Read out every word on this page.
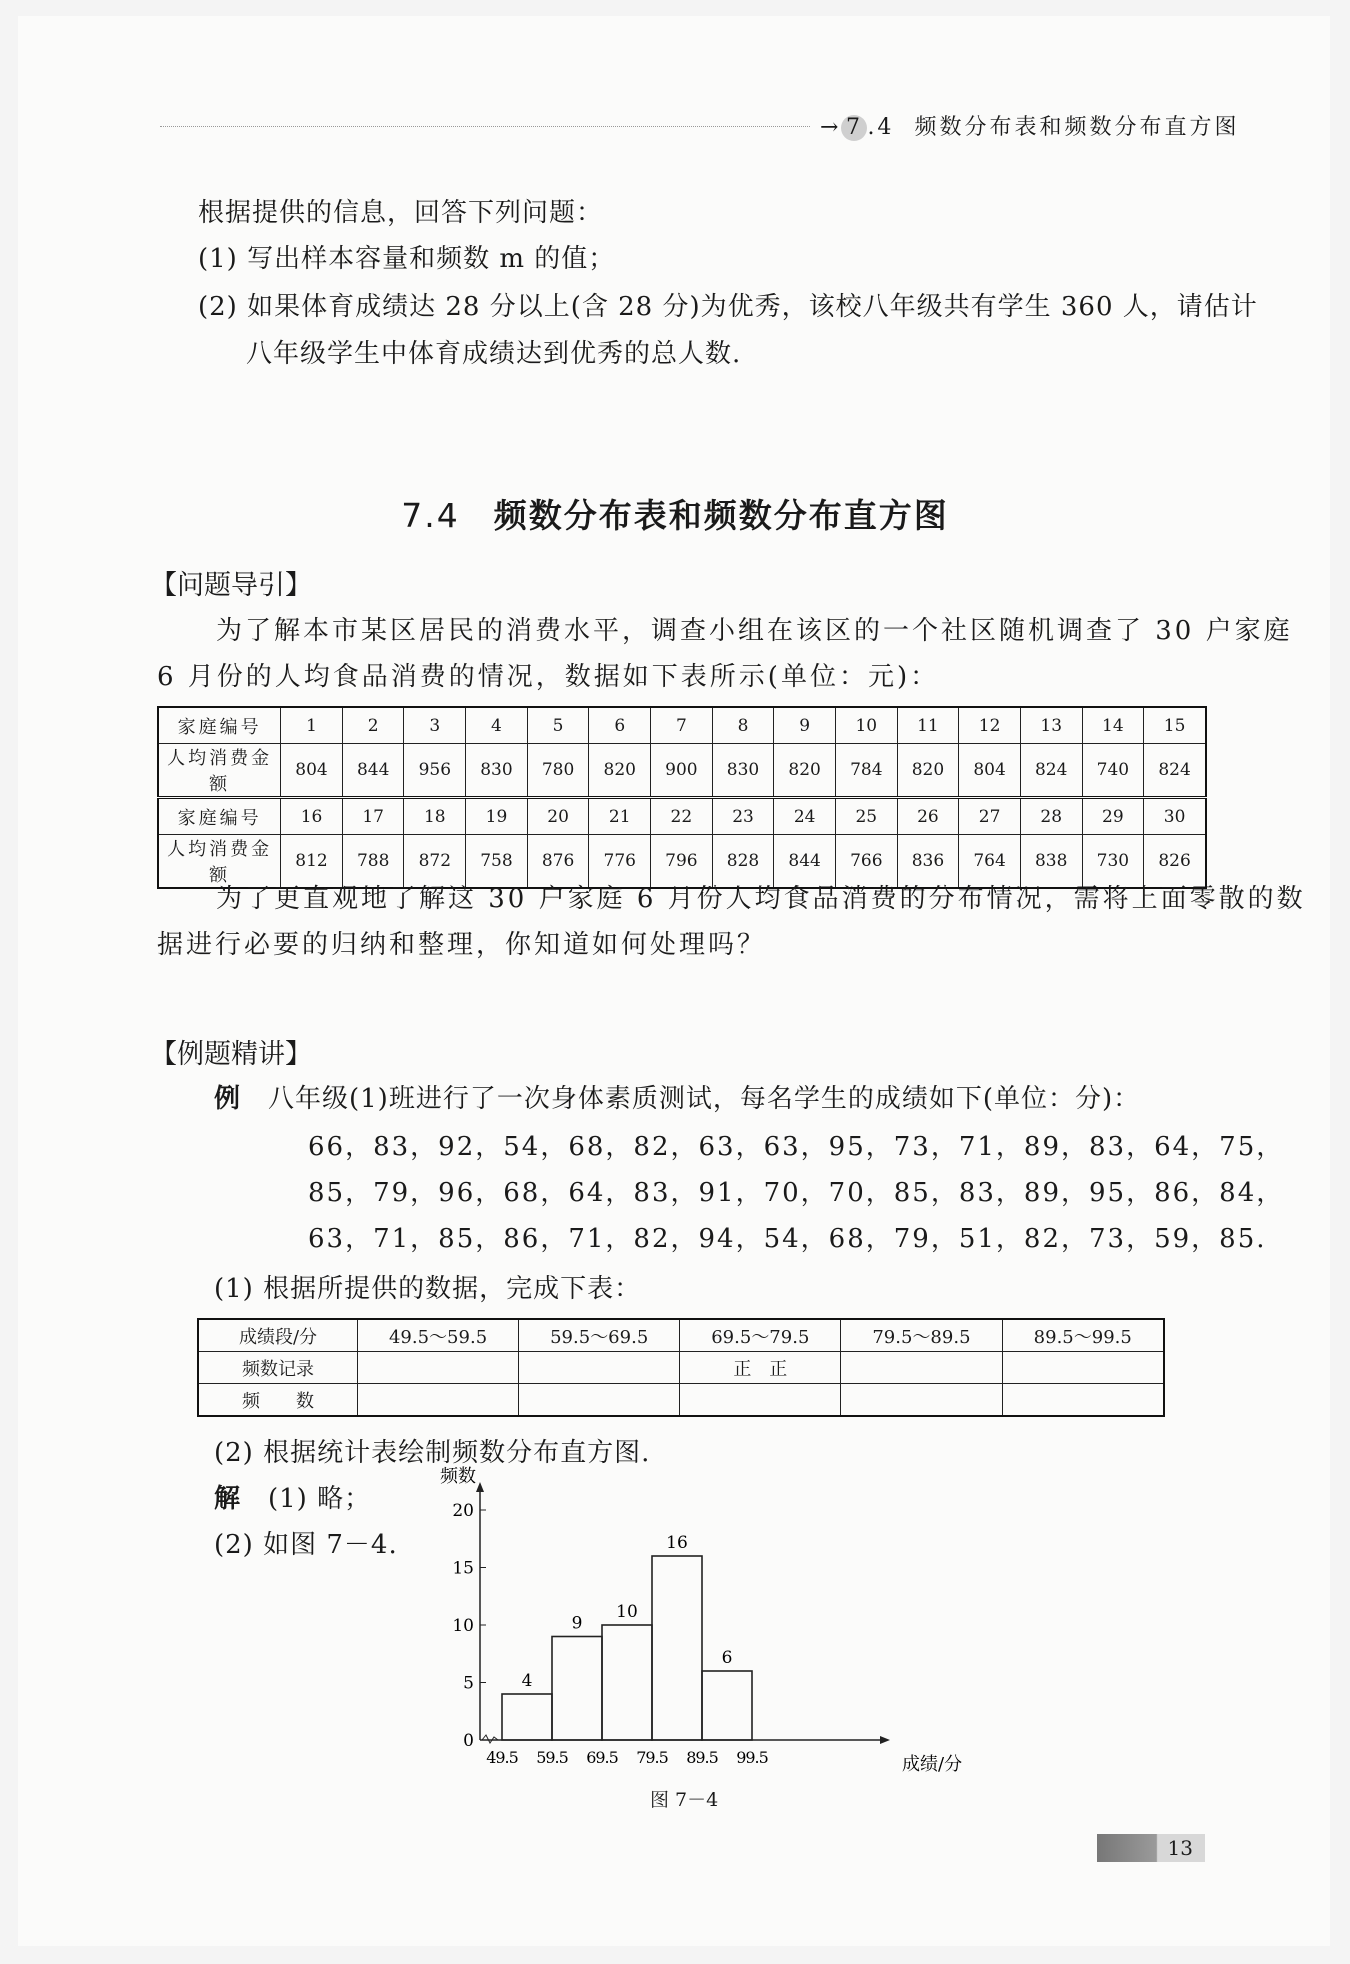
→ 7 .4 频数分布表和频数分布直方图
根据提供的信息，回答下列问题：
(1) 写出样本容量和频数 m 的值；
(2) 如果体育成绩达 28 分以上(含 28 分)为优秀，该校八年级共有学生 360 人，请估计
八年级学生中体育成绩达到优秀的总人数.
7.4 频数分布表和频数分布直方图
【问题导引】
为了解本市某区居民的消费水平，调查小组在该区的一个社区随机调查了 30 户家庭
6 月份的人均食品消费的情况，数据如下表所示(单位：元)：
家庭编号	1	2	3	4	5	6	7	8	9	10	11	12	13	14	15
人均消费金额	804	844	956	830	780	820	900	830	820	784	820	804	824	740	824
家庭编号	16	17	18	19	20	21	22	23	24	25	26	27	28	29	30
人均消费金额	812	788	872	758	876	776	796	828	844	766	836	764	838	730	826
为了更直观地了解这 30 户家庭 6 月份人均食品消费的分布情况，需将上面零散的数
据进行必要的归纳和整理，你知道如何处理吗？
【例题精讲】
例 八年级(1)班进行了一次身体素质测试，每名学生的成绩如下(单位：分)：
66，83，92，54，68，82，63，63，95，73，71，89，83，64，75，
85，79，96，68，64，83，91，70，70，85，83，89，95，86，84，
63，71，85，86，71，82，94，54，68，79，51，82，73，59，85.
(1) 根据所提供的数据，完成下表：
成绩段/分	49.5～59.5	59.5～69.5	69.5～79.5	79.5～89.5	89.5～99.5
频数记录			正　正		
频　　数					
(2) 根据统计表绘制频数分布直方图.
解 (1) 略；
(2) 如图 7－4.
0
5
10
15
20
频数
成绩/分
49.5 59.5 69.5 79.5 89.5 99.5
4
9
10
16
6
图 7－4
13
